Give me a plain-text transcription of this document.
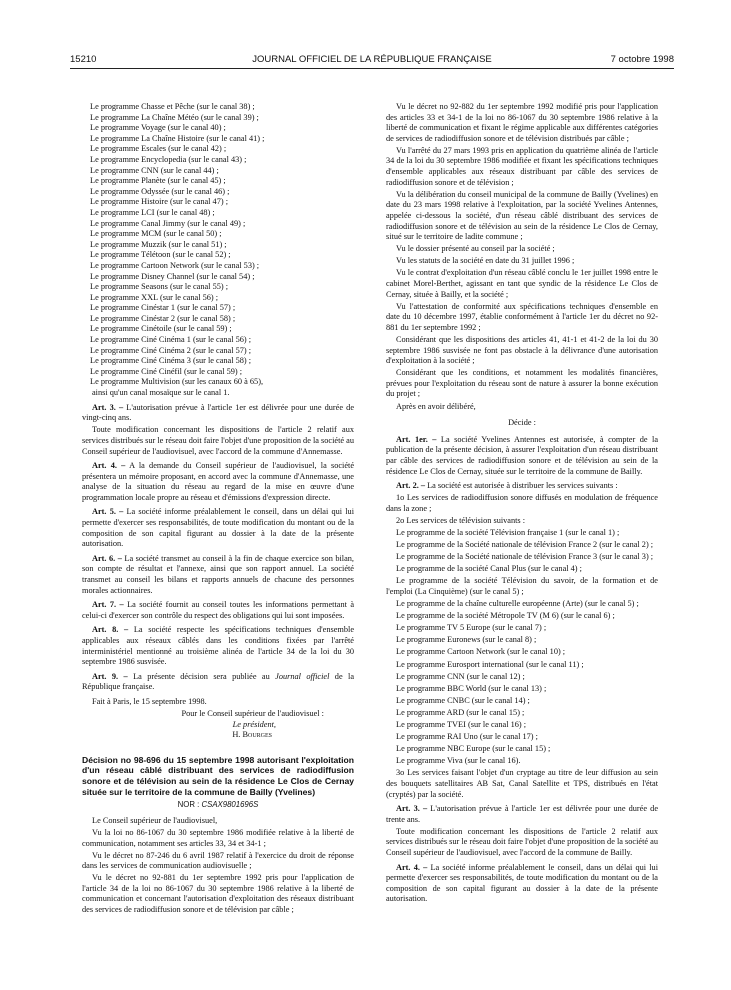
15210	JOURNAL OFFICIEL DE LA RÉPUBLIQUE FRANÇAISE	7 octobre 1998

Le programme Chasse et Pêche (sur le canal 38) ;

Le programme La Chaîne Météo (sur le canal 39) ;

Le programme Voyage (sur le canal 40) ;

Le programme La Chaîne Histoire (sur le canal 41) ;

Le programme Escales (sur le canal 42) ;

Le programme Encyclopedia (sur le canal 43) ;

Le programme CNN (sur le canal 44) ;

Le programme Planète (sur le canal 45) ;

Le programme Odyssée (sur le canal 46) ;

Le programme Histoire (sur le canal 47) ;

Le programme LCI (sur le canal 48) ;

Le programme Canal Jimmy (sur le canal 49) ;

Le programme MCM (sur le canal 50) ;

Le programme Muzzik (sur le canal 51) ;

Le programme Télétoon (sur le canal 52) ;

Le programme Cartoon Network (sur le canal 53) ;

Le programme Disney Channel (sur le canal 54) ;

Le programme Seasons (sur le canal 55) ;

Le programme XXL (sur le canal 56) ;

Le programme Cinéstar 1 (sur le canal 57) ;

Le programme Cinéstar 2 (sur le canal 58) ;

Le programme Cinétoile (sur le canal 59) ;

Le programme Ciné Cinéma 1 (sur le canal 56) ;

Le programme Ciné Cinéma 2 (sur le canal 57) ;

Le programme Ciné Cinéma 3 (sur le canal 58) ;

Le programme Ciné Cinéfil (sur le canal 59) ;

Le programme Multivision (sur les canaux 60 à 65),

ainsi qu'un canal mosaïque sur le canal 1.

Art. 3. – L'autorisation prévue à l'article 1er est délivrée pour une durée de vingt-cinq ans.

Toute modification concernant les dispositions de l'article 2 relatif aux services distribués sur le réseau doit faire l'objet d'une proposition de la société au Conseil supérieur de l'audiovisuel, avec l'accord de la commune d'Annemasse.

Art. 4. – A la demande du Conseil supérieur de l'audiovisuel, la société présentera un mémoire proposant, en accord avec la commune d'Annemasse, une analyse de la situation du réseau au regard de la mise en œuvre d'une programmation locale propre au réseau et d'émissions d'expression directe.

Art. 5. – La société informe préalablement le conseil, dans un délai qui lui permette d'exercer ses responsabilités, de toute modification du montant ou de la composition de son capital figurant au dossier à la date de la présente autorisation.

Art. 6. – La société transmet au conseil à la fin de chaque exercice son bilan, son compte de résultat et l'annexe, ainsi que son rapport annuel. La société transmet au conseil les bilans et rapports annuels de chacune des personnes morales actionnaires.

Art. 7. – La société fournit au conseil toutes les informations permettant à celui-ci d'exercer son contrôle du respect des obligations qui lui sont imposées.

Art. 8. – La société respecte les spécifications techniques d'ensemble applicables aux réseaux câblés dans les conditions fixées par l'arrêté interministériel mentionné au troisième alinéa de l'article 34 de la loi du 30 septembre 1986 susvisée.

Art. 9. – La présente décision sera publiée au Journal officiel de la République française.

Fait à Paris, le 15 septembre 1998.

Pour le Conseil supérieur de l'audiovisuel :

Le président,

H. Bourges

Décision no 98-696 du 15 septembre 1998 autorisant l'exploitation d'un réseau câblé distribuant des services de radiodiffusion sonore et de télévision au sein de la résidence Le Clos de Cernay située sur le territoire de la commune de Bailly (Yvelines)
NOR : CSAX9801696S

Le Conseil supérieur de l'audiovisuel,

Vu la loi no 86-1067 du 30 septembre 1986 modifiée relative à la liberté de communication, notamment ses articles 33, 34 et 34-1 ;

Vu le décret no 87-246 du 6 avril 1987 relatif à l'exercice du droit de réponse dans les services de communication audiovisuelle ;

Vu le décret no 92-881 du 1er septembre 1992 pris pour l'application de l'article 34 de la loi no 86-1067 du 30 septembre 1986 relative à la liberté de communication et concernant l'autorisation d'exploitation des réseaux distribuant des services de radiodiffusion sonore et de télévision par câble ;

Vu le décret no 92-882 du 1er septembre 1992 modifié pris pour l'application des articles 33 et 34-1 de la loi no 86-1067 du 30 septembre 1986 relative à la liberté de communication et fixant le régime applicable aux différentes catégories de services de radiodiffusion sonore et de télévision distribués par câble ;

Vu l'arrêté du 27 mars 1993 pris en application du quatrième alinéa de l'article 34 de la loi du 30 septembre 1986 modifiée et fixant les spécifications techniques d'ensemble applicables aux réseaux distribuant par câble des services de radiodiffusion sonore et de télévision ;

Vu la délibération du conseil municipal de la commune de Bailly (Yvelines) en date du 23 mars 1998 relative à l'exploitation, par la société Yvelines Antennes, appelée ci-dessous la société, d'un réseau câblé distribuant des services de radiodiffusion sonore et de télévision au sein de la résidence Le Clos de Cernay, situé sur le territoire de ladite commune ;

Vu le dossier présenté au conseil par la société ;

Vu les statuts de la société en date du 31 juillet 1996 ;

Vu le contrat d'exploitation d'un réseau câblé conclu le 1er juillet 1998 entre le cabinet Morel-Berthet, agissant en tant que syndic de la résidence Le Clos de Cernay, située à Bailly, et la société ;

Vu l'attestation de conformité aux spécifications techniques d'ensemble en date du 10 décembre 1997, établie conformément à l'article 1er du décret no 92-881 du 1er septembre 1992 ;

Considérant que les dispositions des articles 41, 41-1 et 41-2 de la loi du 30 septembre 1986 susvisée ne font pas obstacle à la délivrance d'une autorisation d'exploitation à la société ;

Considérant que les conditions, et notamment les modalités financières, prévues pour l'exploitation du réseau sont de nature à assurer la bonne exécution du projet ;

Après en avoir délibéré,

Décide :

Art. 1er. – La société Yvelines Antennes est autorisée, à compter de la publication de la présente décision, à assurer l'exploitation d'un réseau distribuant par câble des services de radiodiffusion sonore et de télévision au sein de la résidence Le Clos de Cernay, située sur le territoire de la commune de Bailly.

Art. 2. – La société est autorisée à distribuer les services suivants :

1o Les services de radiodiffusion sonore diffusés en modulation de fréquence dans la zone ;

2o Les services de télévision suivants :

Le programme de la société Télévision française 1 (sur le canal 1) ;

Le programme de la Société nationale de télévision France 2 (sur le canal 2) ;

Le programme de la Société nationale de télévision France 3 (sur le canal 3) ;

Le programme de la société Canal Plus (sur le canal 4) ;

Le programme de la société Télévision du savoir, de la formation et de l'emploi (La Cinquième) (sur le canal 5) ;

Le programme de la chaîne culturelle européenne (Arte) (sur le canal 5) ;

Le programme de la société Métropole TV (M 6) (sur le canal 6) ;

Le programme TV 5 Europe (sur le canal 7) ;

Le programme Euronews (sur le canal 8) ;

Le programme Cartoon Network (sur le canal 10) ;

Le programme Eurosport international (sur le canal 11) ;

Le programme CNN (sur le canal 12) ;

Le programme BBC World (sur le canal 13) ;

Le programme CNBC (sur le canal 14) ;

Le programme ARD (sur le canal 15) ;

Le programme TVEI (sur le canal 16) ;

Le programme RAI Uno (sur le canal 17) ;

Le programme NBC Europe (sur le canal 15) ;

Le programme Viva (sur le canal 16).

3o Les services faisant l'objet d'un cryptage au titre de leur diffusion au sein des bouquets satellitaires AB Sat, Canal Satellite et TPS, distribués en l'état (cryptés) par la société.

Art. 3. – L'autorisation prévue à l'article 1er est délivrée pour une durée de trente ans.

Toute modification concernant les dispositions de l'article 2 relatif aux services distribués sur le réseau doit faire l'objet d'une proposition de la société au Conseil supérieur de l'audiovisuel, avec l'accord de la commune de Bailly.

Art. 4. – La société informe préalablement le conseil, dans un délai qui lui permette d'exercer ses responsabilités, de toute modification du montant ou de la composition de son capital figurant au dossier à la date de la présente autorisation.
